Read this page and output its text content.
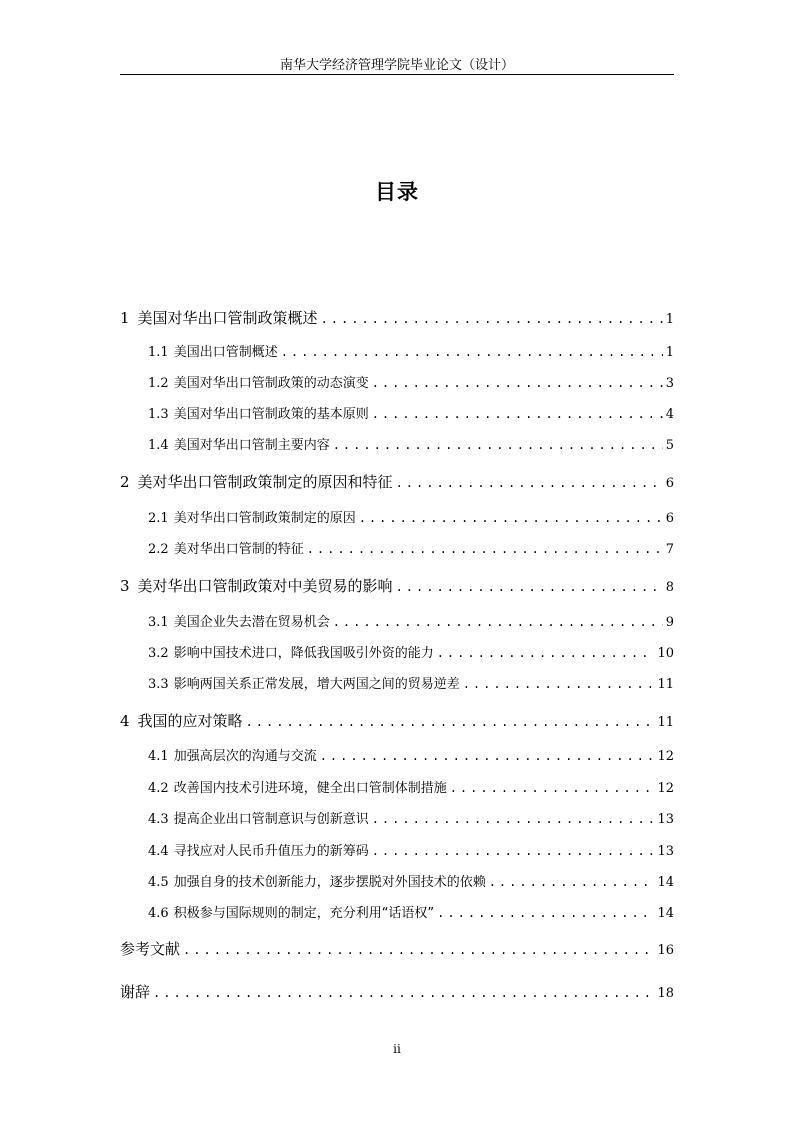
南华大学经济管理学院毕业论文（设计）
目录
1 美国对华出口管制政策概述 .....	1
1.1 美国出口管制概述 .....	1
1.2 美国对华出口管制政策的动态演变 .....	3
1.3 美国对华出口管制政策的基本原则 .....	4
1.4 美国对华出口管制主要内容 .....	5
2 美对华出口管制政策制定的原因和特征 .....	6
2.1 美对华出口管制政策制定的原因 .....	6
2.2 美对华出口管制的特征 .....	7
3 美对华出口管制政策对中美贸易的影响 .....	8
3.1 美国企业失去潜在贸易机会 .....	9
3.2 影响中国技术进口，降低我国吸引外资的能力 .....	10
3.3 影响两国关系正常发展，增大两国之间的贸易逆差 .....	11
4 我国的应对策略 .....	11
4.1 加强高层次的沟通与交流 .....	12
4.2 改善国内技术引进环境，健全出口管制体制措施 .....	12
4.3 提高企业出口管制意识与创新意识 .....	13
4.4 寻找应对人民币升值压力的新筹码 .....	13
4.5 加强自身的技术创新能力，逐步摆脱对外国技术的依赖 .....	14
4.6 积极参与国际规则的制定，充分利用“话语权” .....	14
参考文献 .....	16
谢辞 .....	18
ii
